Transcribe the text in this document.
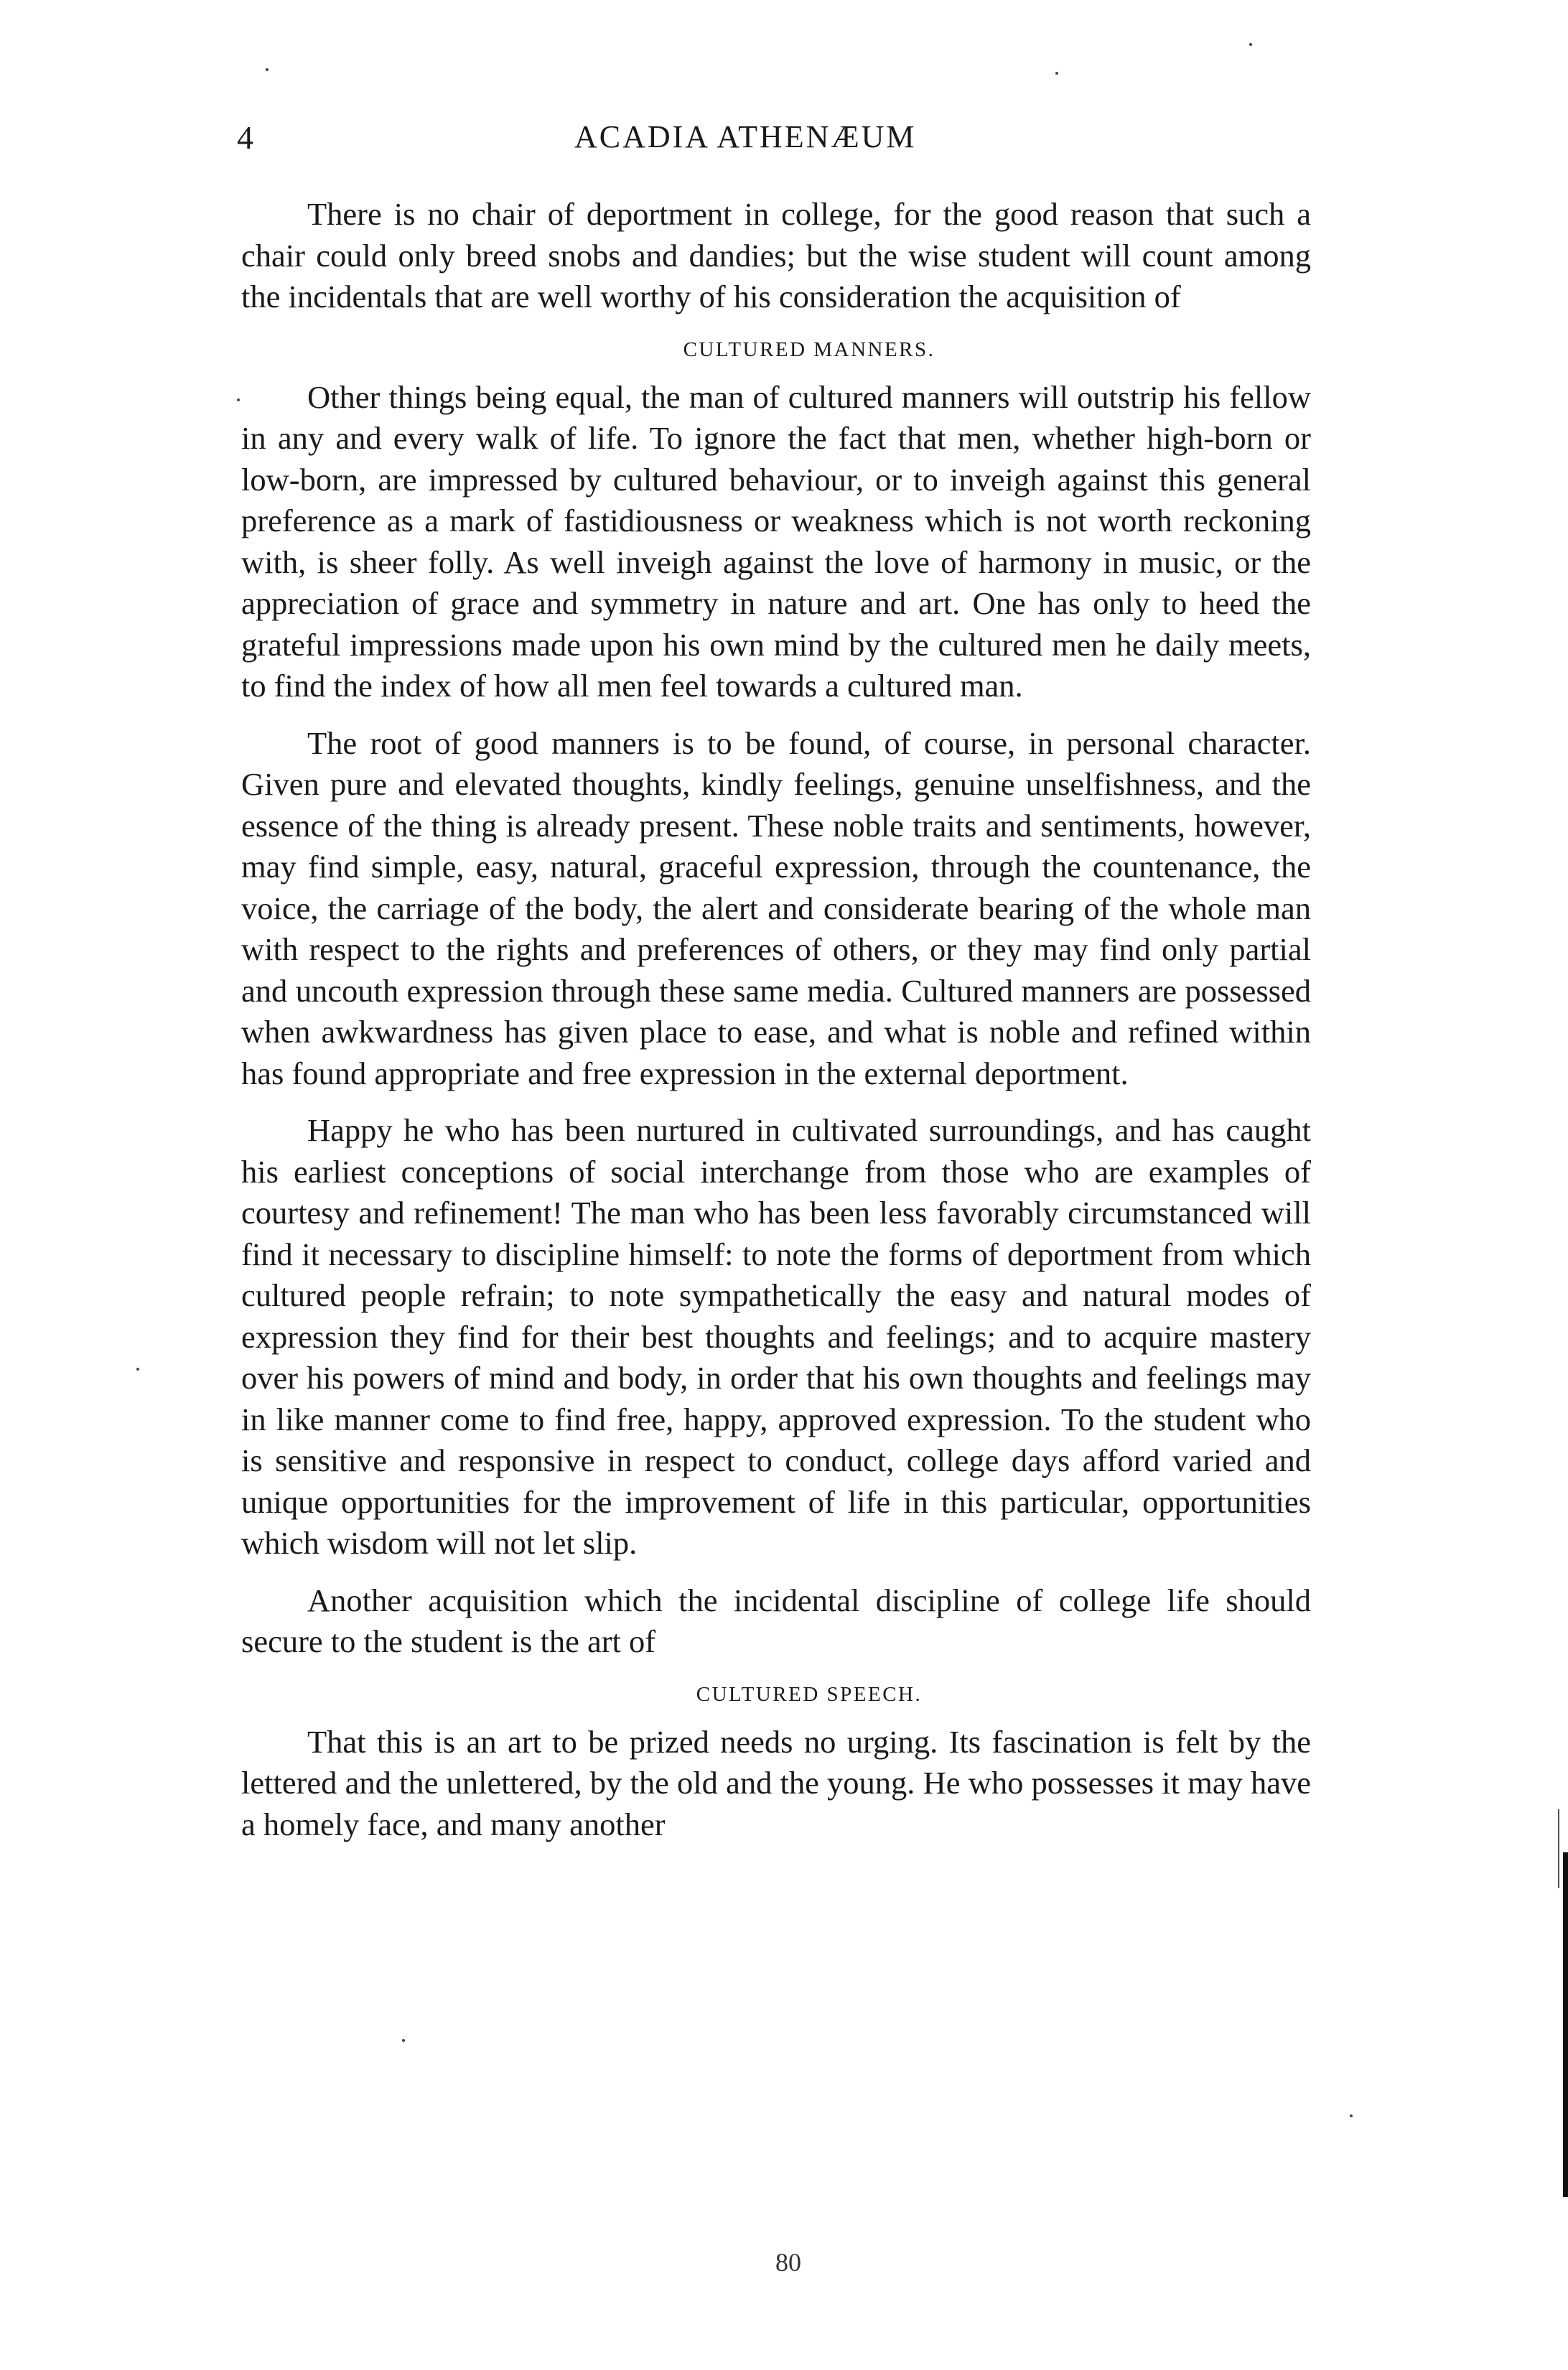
4	ACADIA ATHENÆUM

There is no chair of deportment in college, for the good reason that such a chair could only breed snobs and dandies; but the wise student will count among the incidentals that are well worthy of his consideration the acquisition of

CULTURED MANNERS.

Other things being equal, the man of cultured manners will outstrip his fellow in any and every walk of life. To ignore the fact that men, whether high-born or low-born, are impressed by cultured behaviour, or to inveigh against this general preference as a mark of fastidiousness or weakness which is not worth reckoning with, is sheer folly. As well inveigh against the love of harmony in music, or the appreciation of grace and symmetry in nature and art. One has only to heed the grateful impressions made upon his own mind by the cultured men he daily meets, to find the index of how all men feel towards a cultured man.

The root of good manners is to be found, of course, in personal character. Given pure and elevated thoughts, kindly feelings, genuine unselfishness, and the essence of the thing is already present. These noble traits and sentiments, however, may find simple, easy, natural, graceful expression, through the countenance, the voice, the carriage of the body, the alert and considerate bearing of the whole man with respect to the rights and preferences of others, or they may find only partial and uncouth expression through these same media. Cultured manners are possessed when awkwardness has given place to ease, and what is noble and refined within has found appropriate and free expression in the external deportment.

Happy he who has been nurtured in cultivated surroundings, and has caught his earliest conceptions of social interchange from those who are examples of courtesy and refinement! The man who has been less favorably circumstanced will find it necessary to discipline himself: to note the forms of deportment from which cultured people refrain; to note sympathetically the easy and natural modes of expression they find for their best thoughts and feelings; and to acquire mastery over his powers of mind and body, in order that his own thoughts and feelings may in like manner come to find free, happy, approved expression. To the student who is sensitive and responsive in respect to conduct, college days afford varied and unique opportunities for the improvement of life in this particular, opportunities which wisdom will not let slip.

Another acquisition which the incidental discipline of college life should secure to the student is the art of

CULTURED SPEECH.

That this is an art to be prized needs no urging. Its fascination is felt by the lettered and the unlettered, by the old and the young. He who possesses it may have a homely face, and many another

80
